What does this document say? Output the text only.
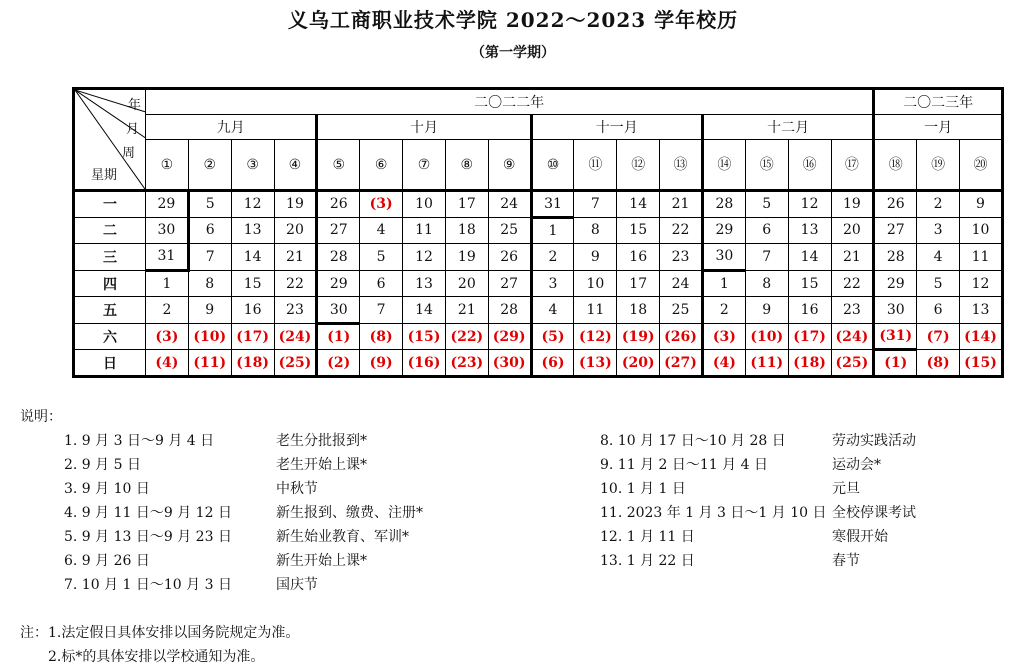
义乌工商职业技术学院 2022～2023 学年校历
（第一学期）
年
月
周
星期	二〇二二年																	二〇二三年		
	九月				十月					十一月				十二月				一月		
	①	②	③	④	⑤	⑥	⑦	⑧	⑨	⑩	⑪	⑫	⑬	⑭	⑮	⑯	⑰	⑱	⑲	⑳
一	29	5	12	19	26	(3)	10	17	24	31	7	14	21	28	5	12	19	26	2	9
二	30	6	13	20	27	4	11	18	25	1	8	15	22	29	6	13	20	27	3	10
三	31	7	14	21	28	5	12	19	26	2	9	16	23	30	7	14	21	28	4	11
四	1	8	15	22	29	6	13	20	27	3	10	17	24	1	8	15	22	29	5	12
五	2	9	16	23	30	7	14	21	28	4	11	18	25	2	9	16	23	30	6	13
六	(3)	(10)	(17)	(24)	(1)	(8)	(15)	(22)	(29)	(5)	(12)	(19)	(26)	(3)	(10)	(17)	(24)	(31)	(7)	(14)
日	(4)	(11)	(18)	(25)	(2)	(9)	(16)	(23)	(30)	(6)	(13)	(20)	(27)	(4)	(11)	(18)	(25)	(1)	(8)	(15)
说明：
1. 9 月 3 日～9 月 4 日	老生分批报到*
2. 9 月 5 日	老生开始上课*
3. 9 月 10 日	中秋节
4. 9 月 11 日～9 月 12 日	新生报到、缴费、注册*
5. 9 月 13 日～9 月 23 日	新生始业教育、军训*
6. 9 月 26 日	新生开始上课*
7. 10 月 1 日～10 月 3 日	国庆节
8. 10 月 17 日～10 月 28 日	劳动实践活动
9. 11 月 2 日～11 月 4 日	运动会*
10. 1 月 1 日	元旦
11. 2023 年 1 月 3 日～1 月 10 日 全校停课考试
12. 1 月 11 日	寒假开始
13. 1 月 22 日	春节
注：1.法定假日具体安排以国务院规定为准。
2.标*的具体安排以学校通知为准。
